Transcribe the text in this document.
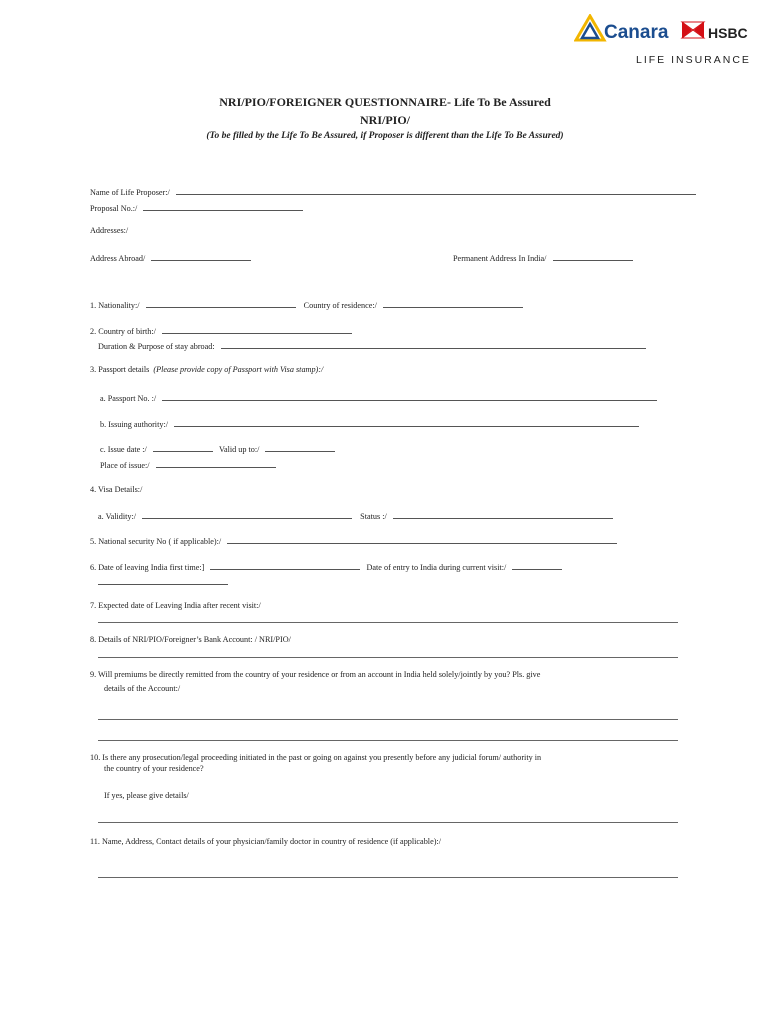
Canara	HSBC
LIFE INSURANCE
NRI/PIO/FOREIGNER QUESTIONNAIRE- Life To Be Assured
NRI/PIO/
(To be filled by the Life To Be Assured, if Proposer is different than the Life To Be Assured)
Name of Life Proposer:/
Proposal No.:/
Addresses:/
Address Abroad/	Permanent Address In India/
1. Nationality:/	Country of residence:/
2. Country of birth:/
Duration & Purpose of stay abroad:
3. Passport details (Please provide copy of Passport with Visa stamp):/
a. Passport No. :/
b. Issuing authority:/
c. Issue date :/	Valid up to:/
Place of issue:/
4. Visa Details:/
a. Validity:/	Status :/
5. National security No ( if applicable):/
6. Date of leaving India first time:]	Date of entry to India during current visit:/
7. Expected date of Leaving India after recent visit:/
8. Details of NRI/PIO/Foreigner’s Bank Account: / NRI/PIO/
9. Will premiums be directly remitted from the country of your residence or from an account in India held solely/jointly by you? Pls. give
details of the Account:/
10. Is there any prosecution/legal proceeding initiated in the past or going on against you presently before any judicial forum/ authority in
the country of your residence?
If yes, please give details/
11. Name, Address, Contact details of your physician/family doctor in country of residence (if applicable):/
